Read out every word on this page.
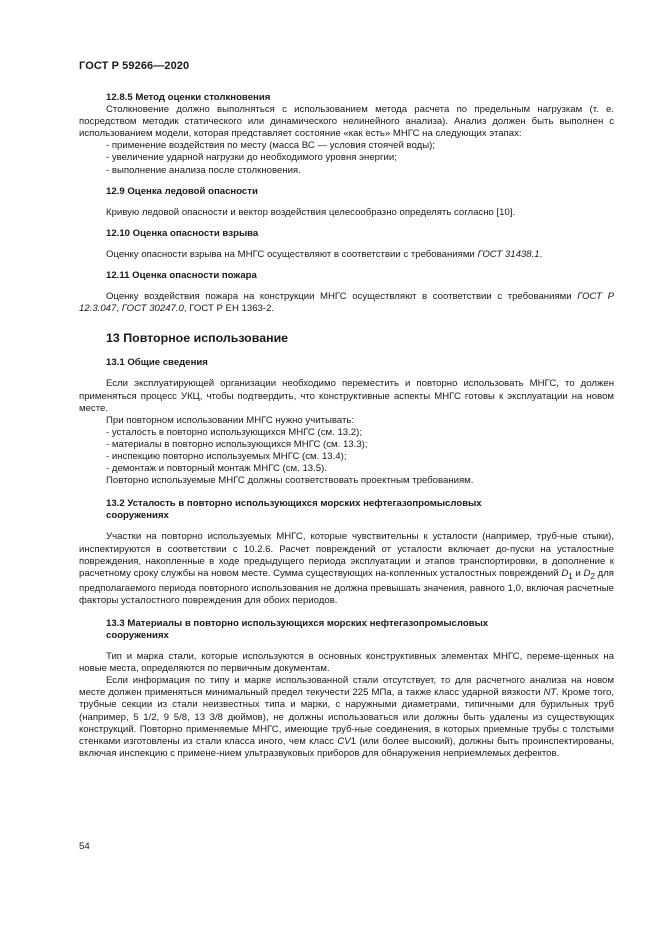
ГОСТ Р 59266—2020

12.8.5 Метод оценки столкновения

Столкновение должно выполняться с использованием метода расчета по предельным нагрузкам (т. е. посредством методик статического или динамического нелинейного анализа). Анализ должен быть выполнен с использованием модели, которая представляет состояние «как есть» МНГС на следующих этапах:

- применение воздействия по месту (масса ВС — условия стоячей воды);

- увеличение ударной нагрузки до необходимого уровня энергии;

- выполнение анализа после столкновения.

12.9 Оценка ледовой опасности

Кривую ледовой опасности и вектор воздействия целесообразно определять согласно [10].

12.10 Оценка опасности взрыва

Оценку опасности взрыва на МНГС осуществляют в соответствии с требованиями ГОСТ 31438.1.

12.11 Оценка опасности пожара

Оценку воздействия пожара на конструкции МНГС осуществляют в соответствии с требованиями ГОСТ Р 12.3.047, ГОСТ 30247.0, ГОСТ Р ЕН 1363-2.

13 Повторное использование

13.1 Общие сведения

Если эксплуатирующей организации необходимо переместить и повторно использовать МНГС, то должен применяться процесс УКЦ, чтобы подтвердить, что конструктивные аспекты МНГС готовы к эксплуатации на новом месте.

При повторном использовании МНГС нужно учитывать:

- усталость в повторно использующихся МНГС (см. 13.2);

- материалы в повторно использующихся МНГС (см. 13.3);

- инспекцию повторно используемых МНГС (см. 13.4);

- демонтаж и повторный монтаж МНГС (см. 13.5).

Повторно используемые МНГС должны соответствовать проектным требованиям.

13.2 Усталость в повторно использующихся морских нефтегазопромысловых
сооружениях

Участки на повторно используемых МНГС, которые чувствительны к усталости (например, труб-ные стыки), инспектируются в соответствии с 10.2.6. Расчет повреждений от усталости включает до-пуски на усталостные повреждения, накопленные в ходе предыдущего периода эксплуатации и этапов транспортировки, в дополнение к расчетному сроку службы на новом месте. Сумма существующих на-копленных усталостных повреждений $D_1$ и $D_2$ для предполагаемого периода повторного использования не должна превышать значения, равного 1,0, включая расчетные факторы усталостного повреждения для обоих периодов.

13.3 Материалы в повторно использующихся морских нефтегазопромысловых
сооружениях

Тип и марка стали, которые используются в основных конструктивных элементах МНГС, переме-щенных на новые места, определяются по первичным документам.

Если информация по типу и марке использованной стали отсутствует, то для расчетного анализа на новом месте должен применяться минимальный предел текучести 225 МПа, а также класс ударной вязкости NT. Кроме того, трубные секции из стали неизвестных типа и марки, с наружными диаметрами, типичными для бурильных труб (например, 5 1/2, 9 5/8, 13 3/8 дюймов), не должны использоваться или должны быть удалены из существующих конструкций. Повторно применяемые МНГС, имеющие труб-ные соединения, в которых приемные трубы с толстыми стенками изготовлены из стали класса иного, чем класс CV1 (или более высокий), должны быть проинспектированы, включая инспекцию с примене-нием ультразвуковых приборов для обнаружения неприемлемых дефектов.

54
